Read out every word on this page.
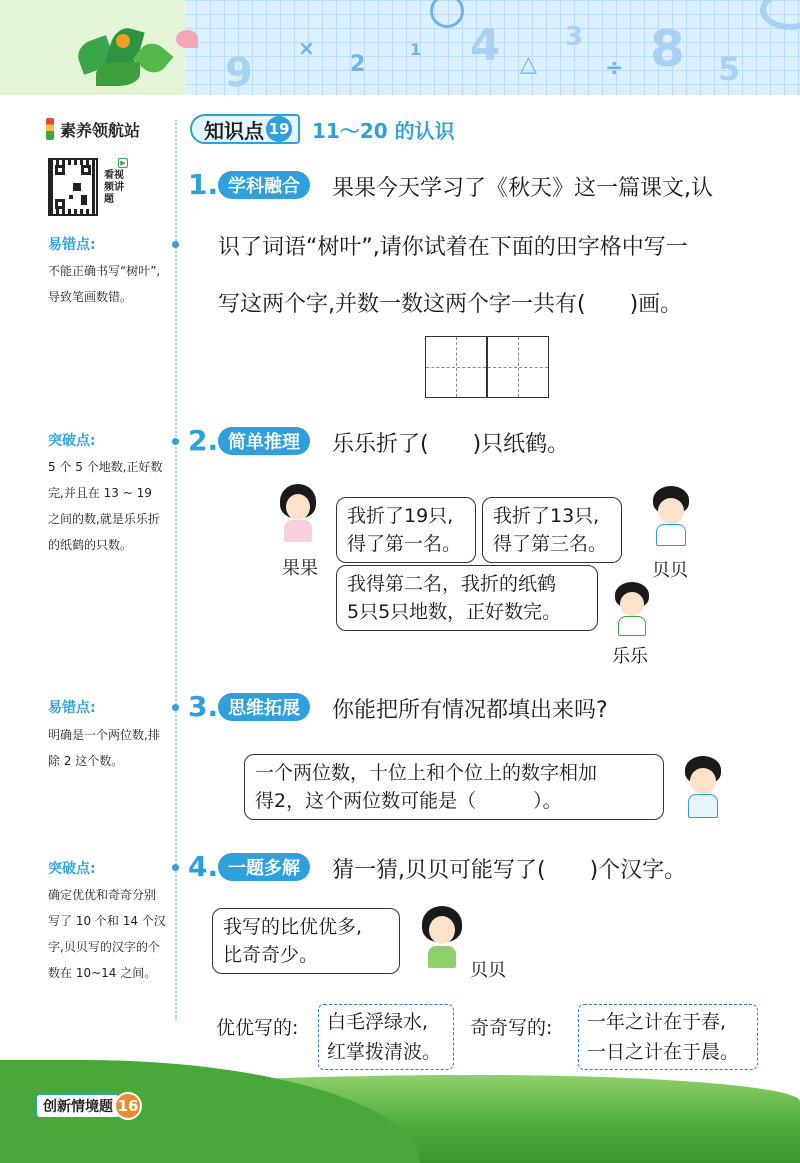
9
×
2
1 4 △
3
÷ 8 5
素养领航站
▶
看视频讲题
易错点:
不能正确书写“树叶”,导致笔画数错。
突破点:
5 个 5 个地数,正好数完,并且在 13 ~ 19 之间的数,就是乐乐折的纸鹤的只数。
易错点:
明确是一个两位数,排除 2 这个数。
突破点:
确定优优和奇奇分别写了 10 个和 14 个汉字,贝贝写的汉字的个数在 10~14 之间。
知识点 19 11～20 的认识
1. 学科融合	果果今天学习了《秋天》这一篇课文,认
识了词语“树叶”,请你试着在下面的田字格中写一
写这两个字,并数一数这两个字一共有(　　)画。
2. 简单推理	乐乐折了(　　)只纸鹤。
果果
我折了19只,
得了第一名。
我折了13只,
得了第三名。
贝贝
我得第二名，我折的纸鹤
5只5只地数，正好数完。
乐乐
3. 思维拓展	你能把所有情况都填出来吗?
一个两位数，十位上和个位上的数字相加
得2，这个两位数可能是（　　　）。
4. 一题多解	猜一猜,贝贝可能写了(　　)个汉字。
我写的比优优多,
比奇奇少。
贝贝
优优写的: 白毛浮绿水,
红掌拨清波。
奇奇写的: 一年之计在于春,
一日之计在于晨。
创新情境题 16
